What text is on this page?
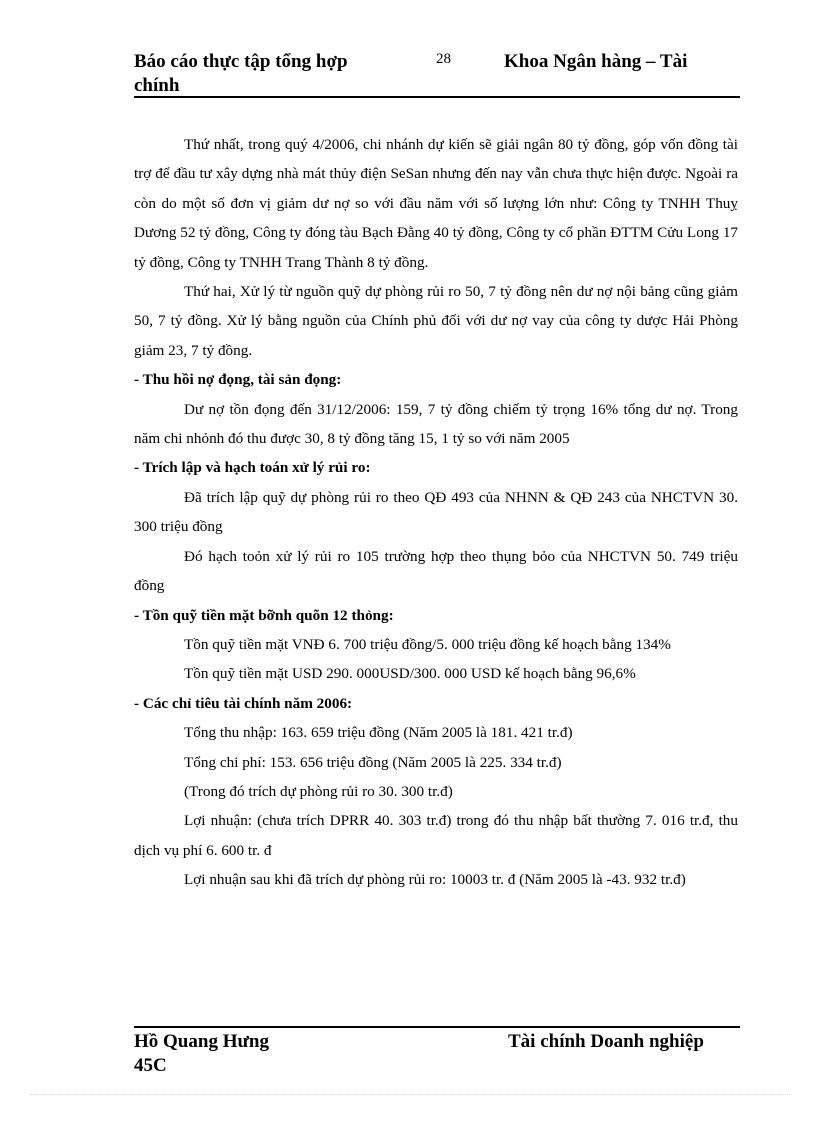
Báo cáo thực tập tổng hợp chính
28	Khoa Ngân hàng – Tài

Thứ nhất, trong quý 4/2006, chi nhánh dự kiến sẽ giải ngân 80 tỷ đồng, góp vốn đồng tài trợ để đầu tư xây dựng nhà mát thủy điện SeSan nhưng đến nay vẫn chưa thực hiện được. Ngoài ra còn do một số đơn vị giảm dư nợ so với đầu năm với số lượng lớn như: Công ty TNHH Thuỵ Dương 52 tỷ đồng, Công ty đóng tàu Bạch Đằng 40 tỷ đồng, Công ty cổ phần ĐTTM Cửu Long 17 tỷ đồng, Công ty TNHH Trang Thành 8 tỷ đồng.

Thứ hai, Xử lý từ nguồn quỹ dự phòng rủi ro 50, 7 tỷ đồng nên dư nợ nội bảng cũng giảm 50, 7 tỷ đồng. Xử lý bằng nguồn của Chính phủ đối với dư nợ vay của công ty dược Hải Phòng giảm 23, 7 tỷ đồng.

- Thu hồi nợ đọng, tài sản đọng:

Dư nợ tồn đọng đến 31/12/2006: 159, 7 tỷ đồng chiếm tỷ trọng 16% tổng dư nợ. Trong năm chi nhỏnh đó thu được 30, 8 tỷ đồng tăng 15, 1 tỷ so với năm 2005

- Trích lập và hạch toán xử lý rủi ro:

Đã trích lập quỹ dự phòng rủi ro theo QĐ 493 của NHNN & QĐ 243 của NHCTVN 30. 300 triệu đồng

Đó hạch toỏn xử lý rủi ro 105 trường hợp theo thụng bỏo của NHCTVN 50. 749 triệu đồng

- Tồn quỹ tiền mặt bỡnh quõn 12 thỏng:

Tồn quỹ tiền mặt VNĐ 6. 700 triệu đồng/5. 000 triệu đồng kế hoạch bằng 134%

Tồn quỹ tiền mặt USD 290. 000USD/300. 000 USD kế hoạch bằng 96,6%

- Các chỉ tiêu tài chính năm 2006:

Tổng thu nhập: 163. 659 triệu đồng (Năm 2005 là 181. 421 tr.đ)

Tổng chi phí: 153. 656 triệu đồng (Năm 2005 là 225. 334 tr.đ)

(Trong đó trích dự phòng rủi ro 30. 300 tr.đ)

Lợi nhuận: (chưa trích DPRR 40. 303 tr.đ) trong đó thu nhập bất thường 7. 016 tr.đ, thu dịch vụ phí 6. 600 tr. đ

Lợi nhuận sau khi đã trích dự phòng rủi ro: 10003 tr. đ (Năm 2005 là -43. 932 tr.đ)

Hồ Quang Hưng 45C
Tài chính Doanh nghiệp
